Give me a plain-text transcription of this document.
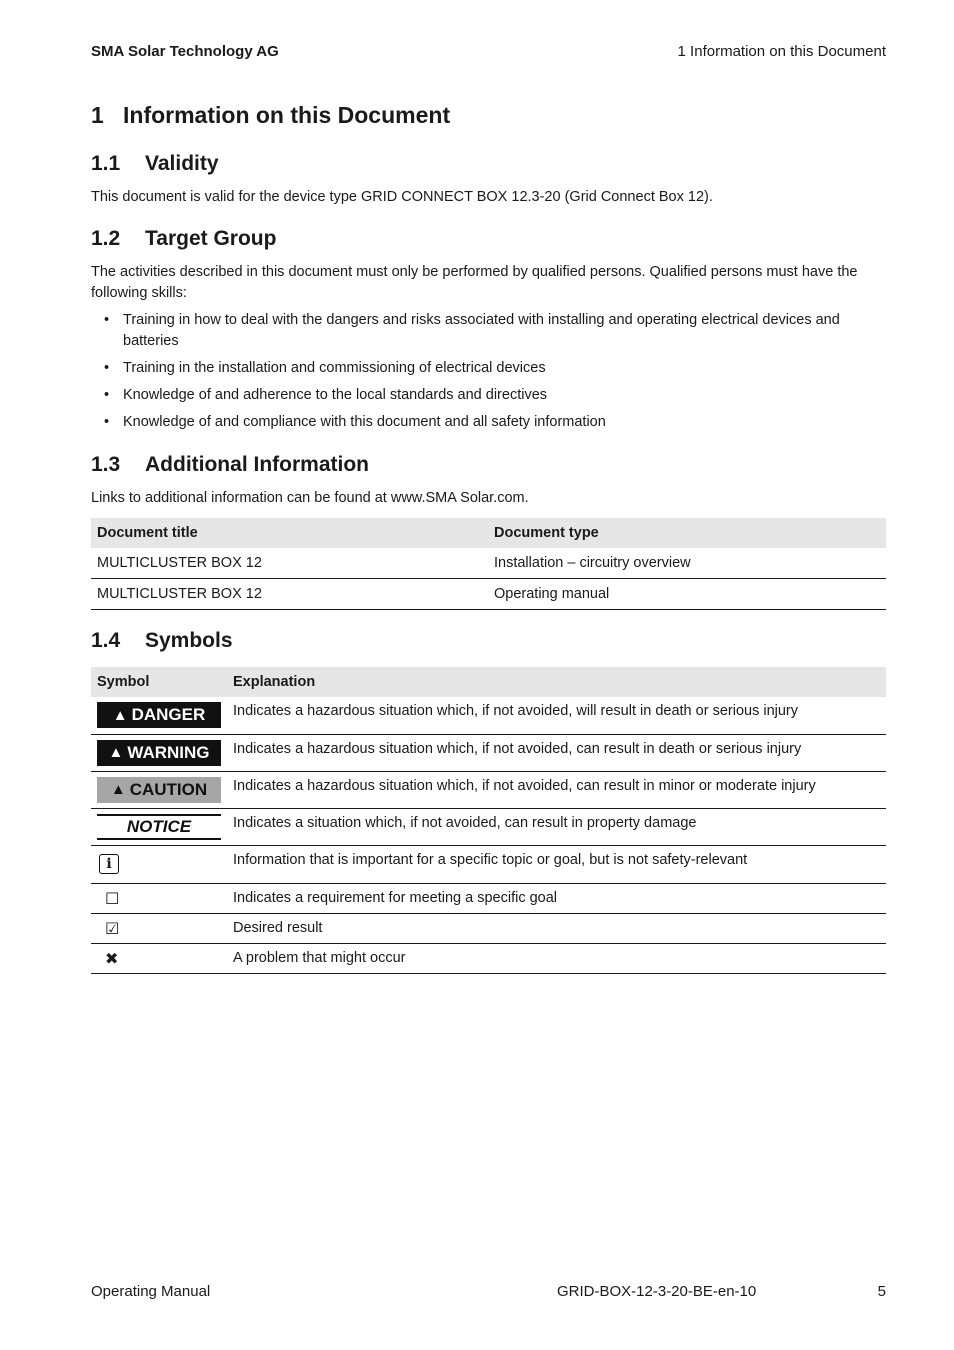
SMA Solar Technology AG	1 Information on this Document
1 Information on this Document
1.1 Validity
This document is valid for the device type GRID CONNECT BOX 12.3-20 (Grid Connect Box 12).
1.2 Target Group
The activities described in this document must only be performed by qualified persons. Qualified persons must have the following skills:
• Training in how to deal with the dangers and risks associated with installing and operating electrical devices and batteries
• Training in the installation and commissioning of electrical devices
• Knowledge of and adherence to the local standards and directives
• Knowledge of and compliance with this document and all safety information
1.3 Additional Information
Links to additional information can be found at www.SMA Solar.com.
Document title	Document type
MULTICLUSTER BOX 12	Installation – circuitry overview
MULTICLUSTER BOX 12	Operating manual
1.4 Symbols
Symbol	Explanation

▲ DANGER	Indicates a hazardous situation which, if not avoided, will result in death or serious injury

▲ WARNING	Indicates a hazardous situation which, if not avoided, can result in death or serious injury

▲ CAUTION	Indicates a hazardous situation which, if not avoided, can result in minor or moderate injury

NOTICE	Indicates a situation which, if not avoided, can result in property damage

i	Information that is important for a specific topic or goal, but is not safety-relevant
☐	Indicates a requirement for meeting a specific goal
☑	Desired result
✖	A problem that might occur
Operating Manual	GRID-BOX-12-3-20-BE-en-10	5
